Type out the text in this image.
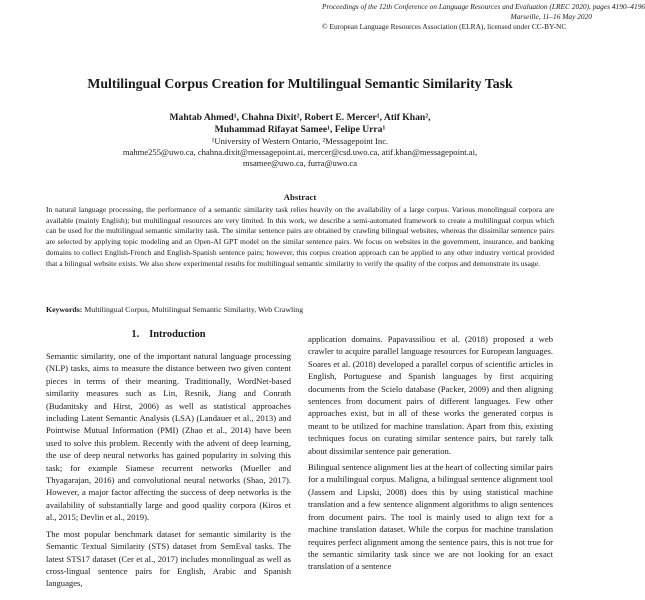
Proceedings of the 12th Conference on Language Resources and Evaluation (LREC 2020), pages 4190–4196
Marseille, 11–16 May 2020
© European Language Resources Association (ELRA), licensed under CC-BY-NC
Multilingual Corpus Creation for Multilingual Semantic Similarity Task
Mahtab Ahmed¹, Chahna Dixit², Robert E. Mercer¹, Atif Khan²,
Muhammad Rifayat Samee¹, Felipe Urra¹
¹University of Western Ontario, ²Messagepoint Inc.
mahme255@uwo.ca, chahna.dixit@messagepoint.ai, mercer@csd.uwo.ca, atif.khan@messagepoint.ai,
msamee@uwo.ca, furra@uwo.ca
Abstract
In natural language processing, the performance of a semantic similarity task relies heavily on the availability of a large corpus. Various monolingual corpora are available (mainly English); but multilingual resources are very limited. In this work, we describe a semi-automated framework to create a multilingual corpus which can be used for the multilingual semantic similarity task. The similar sentence pairs are obtained by crawling bilingual websites, whereas the dissimilar sentence pairs are selected by applying topic modeling and an Open-AI GPT model on the similar sentence pairs. We focus on websites in the government, insurance, and banking domains to collect English-French and English-Spanish sentence pairs; however, this corpus creation approach can be applied to any other industry vertical provided that a bilingual website exists. We also show experimental results for multilingual semantic similarity to verify the quality of the corpus and demonstrate its usage.
Keywords: Multilingual Corpus, Multilingual Semantic Similarity, Web Crawling
1. Introduction

Semantic similarity, one of the important natural language processing (NLP) tasks, aims to measure the distance between two given content pieces in terms of their meaning. Traditionally, WordNet-based similarity measures such as Lin, Resnik, Jiang and Conrath (Budanitsky and Hirst, 2006) as well as statistical approaches including Latent Semantic Analysis (LSA) (Landauer et al., 2013) and Pointwise Mutual Information (PMI) (Zhao et al., 2014) have been used to solve this problem. Recently with the advent of deep learning, the use of deep neural networks has gained popularity in solving this task; for example Siamese recurrent networks (Mueller and Thyagarajan, 2016) and convolutional neural networks (Shao, 2017). However, a major factor affecting the success of deep networks is the availability of substantially large and good quality corpora (Kiros et al., 2015; Devlin et al., 2019).

The most popular benchmark dataset for semantic similarity is the Semantic Textual Similarity (STS) dataset from SemEval tasks. The latest STS17 dataset (Cer et al., 2017) includes monolingual as well as cross-lingual sentence pairs for English, Arabic and Spanish languages,

application domains. Papavassiliou et al. (2018) proposed a web crawler to acquire parallel language resources for European languages. Soares et al. (2018) developed a parallel corpus of scientific articles in English, Portuguese and Spanish languages by first acquiring documents from the Scielo database (Packer, 2009) and then aligning sentences from document pairs of different languages. Few other approaches exist, but in all of these works the generated corpus is meant to be utilized for machine translation. Apart from this, existing techniques focus on curating similar sentence pairs, but rarely talk about dissimilar sentence pair generation.

Bilingual sentence alignment lies at the heart of collecting similar pairs for a multilingual corpus. Maligna, a bilingual sentence alignment tool (Jassem and Lipski, 2008) does this by using statistical machine translation and a few sentence alignment algorithms to align sentences from document pairs. The tool is mainly used to align text for a machine translation dataset. While the corpus for machine translation requires perfect alignment among the sentence pairs, this is not true for the semantic similarity task since we are not looking for an exact translation of a sentence
